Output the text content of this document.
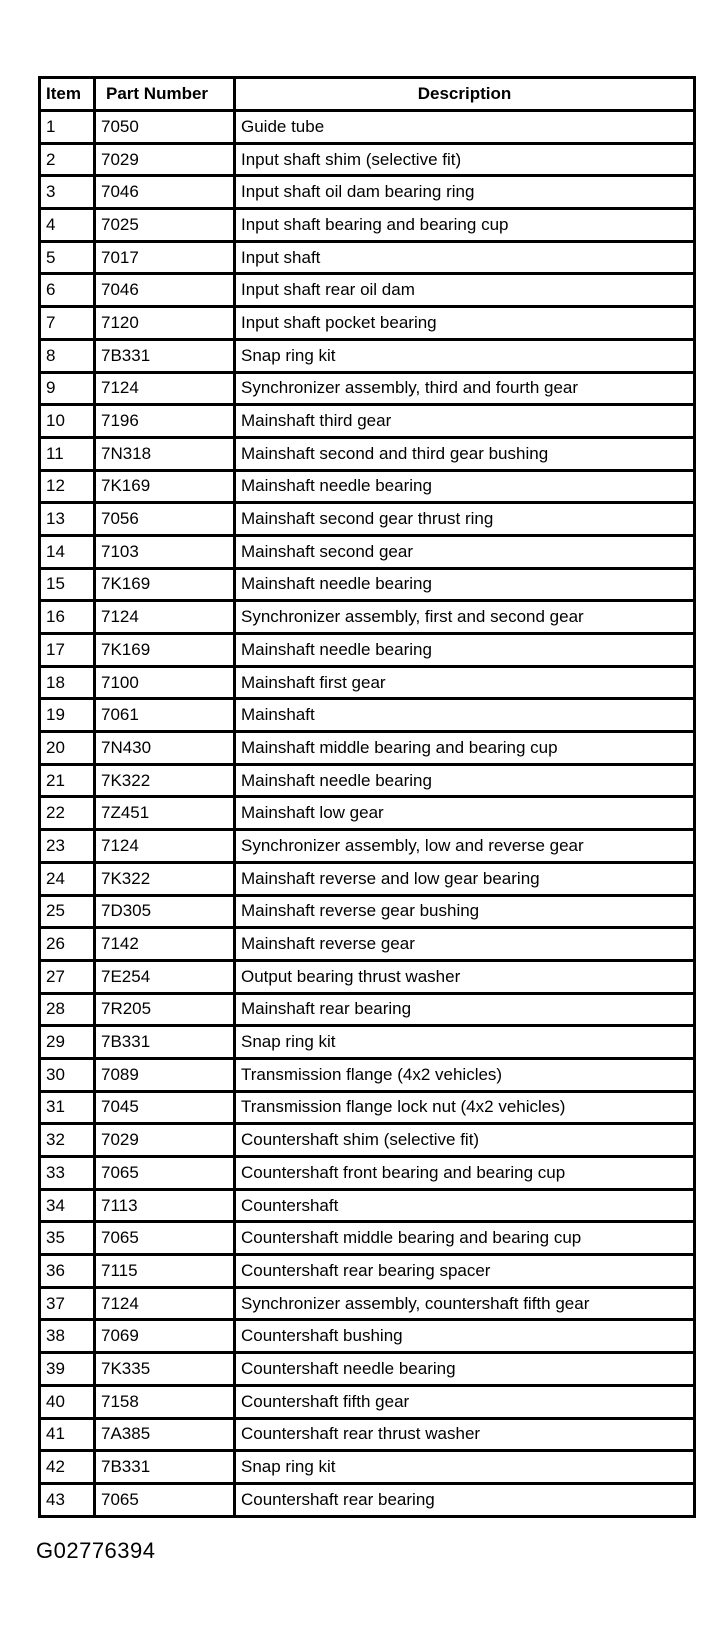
Item	Part Number	Description
1	7050	Guide tube
2	7029	Input shaft shim (selective fit)
3	7046	Input shaft oil dam bearing ring
4	7025	Input shaft bearing and bearing cup
5	7017	Input shaft
6	7046	Input shaft rear oil dam
7	7120	Input shaft pocket bearing
8	7B331	Snap ring kit
9	7124	Synchronizer assembly, third and fourth gear
10	7196	Mainshaft third gear
11	7N318	Mainshaft second and third gear bushing
12	7K169	Mainshaft needle bearing
13	7056	Mainshaft second gear thrust ring
14	7103	Mainshaft second gear
15	7K169	Mainshaft needle bearing
16	7124	Synchronizer assembly, first and second gear
17	7K169	Mainshaft needle bearing
18	7100	Mainshaft first gear
19	7061	Mainshaft
20	7N430	Mainshaft middle bearing and bearing cup
21	7K322	Mainshaft needle bearing
22	7Z451	Mainshaft low gear
23	7124	Synchronizer assembly, low and reverse gear
24	7K322	Mainshaft reverse and low gear bearing
25	7D305	Mainshaft reverse gear bushing
26	7142	Mainshaft reverse gear
27	7E254	Output bearing thrust washer
28	7R205	Mainshaft rear bearing
29	7B331	Snap ring kit
30	7089	Transmission flange (4x2 vehicles)
31	7045	Transmission flange lock nut (4x2 vehicles)
32	7029	Countershaft shim (selective fit)
33	7065	Countershaft front bearing and bearing cup
34	7113	Countershaft
35	7065	Countershaft middle bearing and bearing cup
36	7115	Countershaft rear bearing spacer
37	7124	Synchronizer assembly, countershaft fifth gear
38	7069	Countershaft bushing
39	7K335	Countershaft needle bearing
40	7158	Countershaft fifth gear
41	7A385	Countershaft rear thrust washer
42	7B331	Snap ring kit
43	7065	Countershaft rear bearing
G02776394
